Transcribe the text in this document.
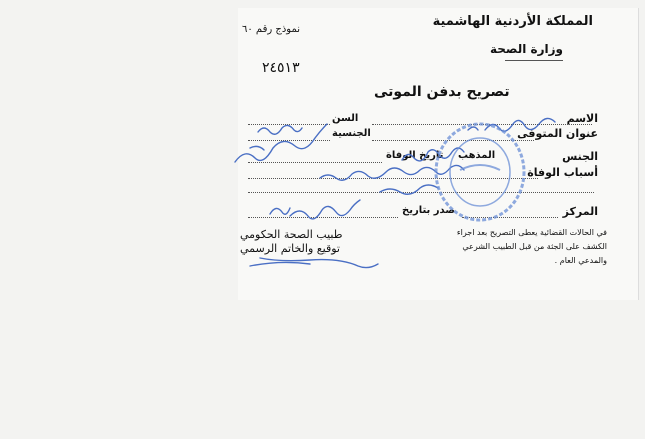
المملكة الأردنية الهاشمية
وزارة الصحة
نموذج رقم ٦٠
٢٤٥١٣
تصريح بدفن الموتى
الاسم
السن
عنوان المتوفى
الجنسية
الجنس
المذهب
تاريخ الوفاة
أسباب الوفاة
المركز
صدر بتاريخ
في الحالات القضائية يعطى التصريح بعد اجراء
الكشف على الجثة من قبل الطبيب الشرعي
والمدعي العام .
طبيب الصحة الحكومي
توقيع والخاتم الرسمي
